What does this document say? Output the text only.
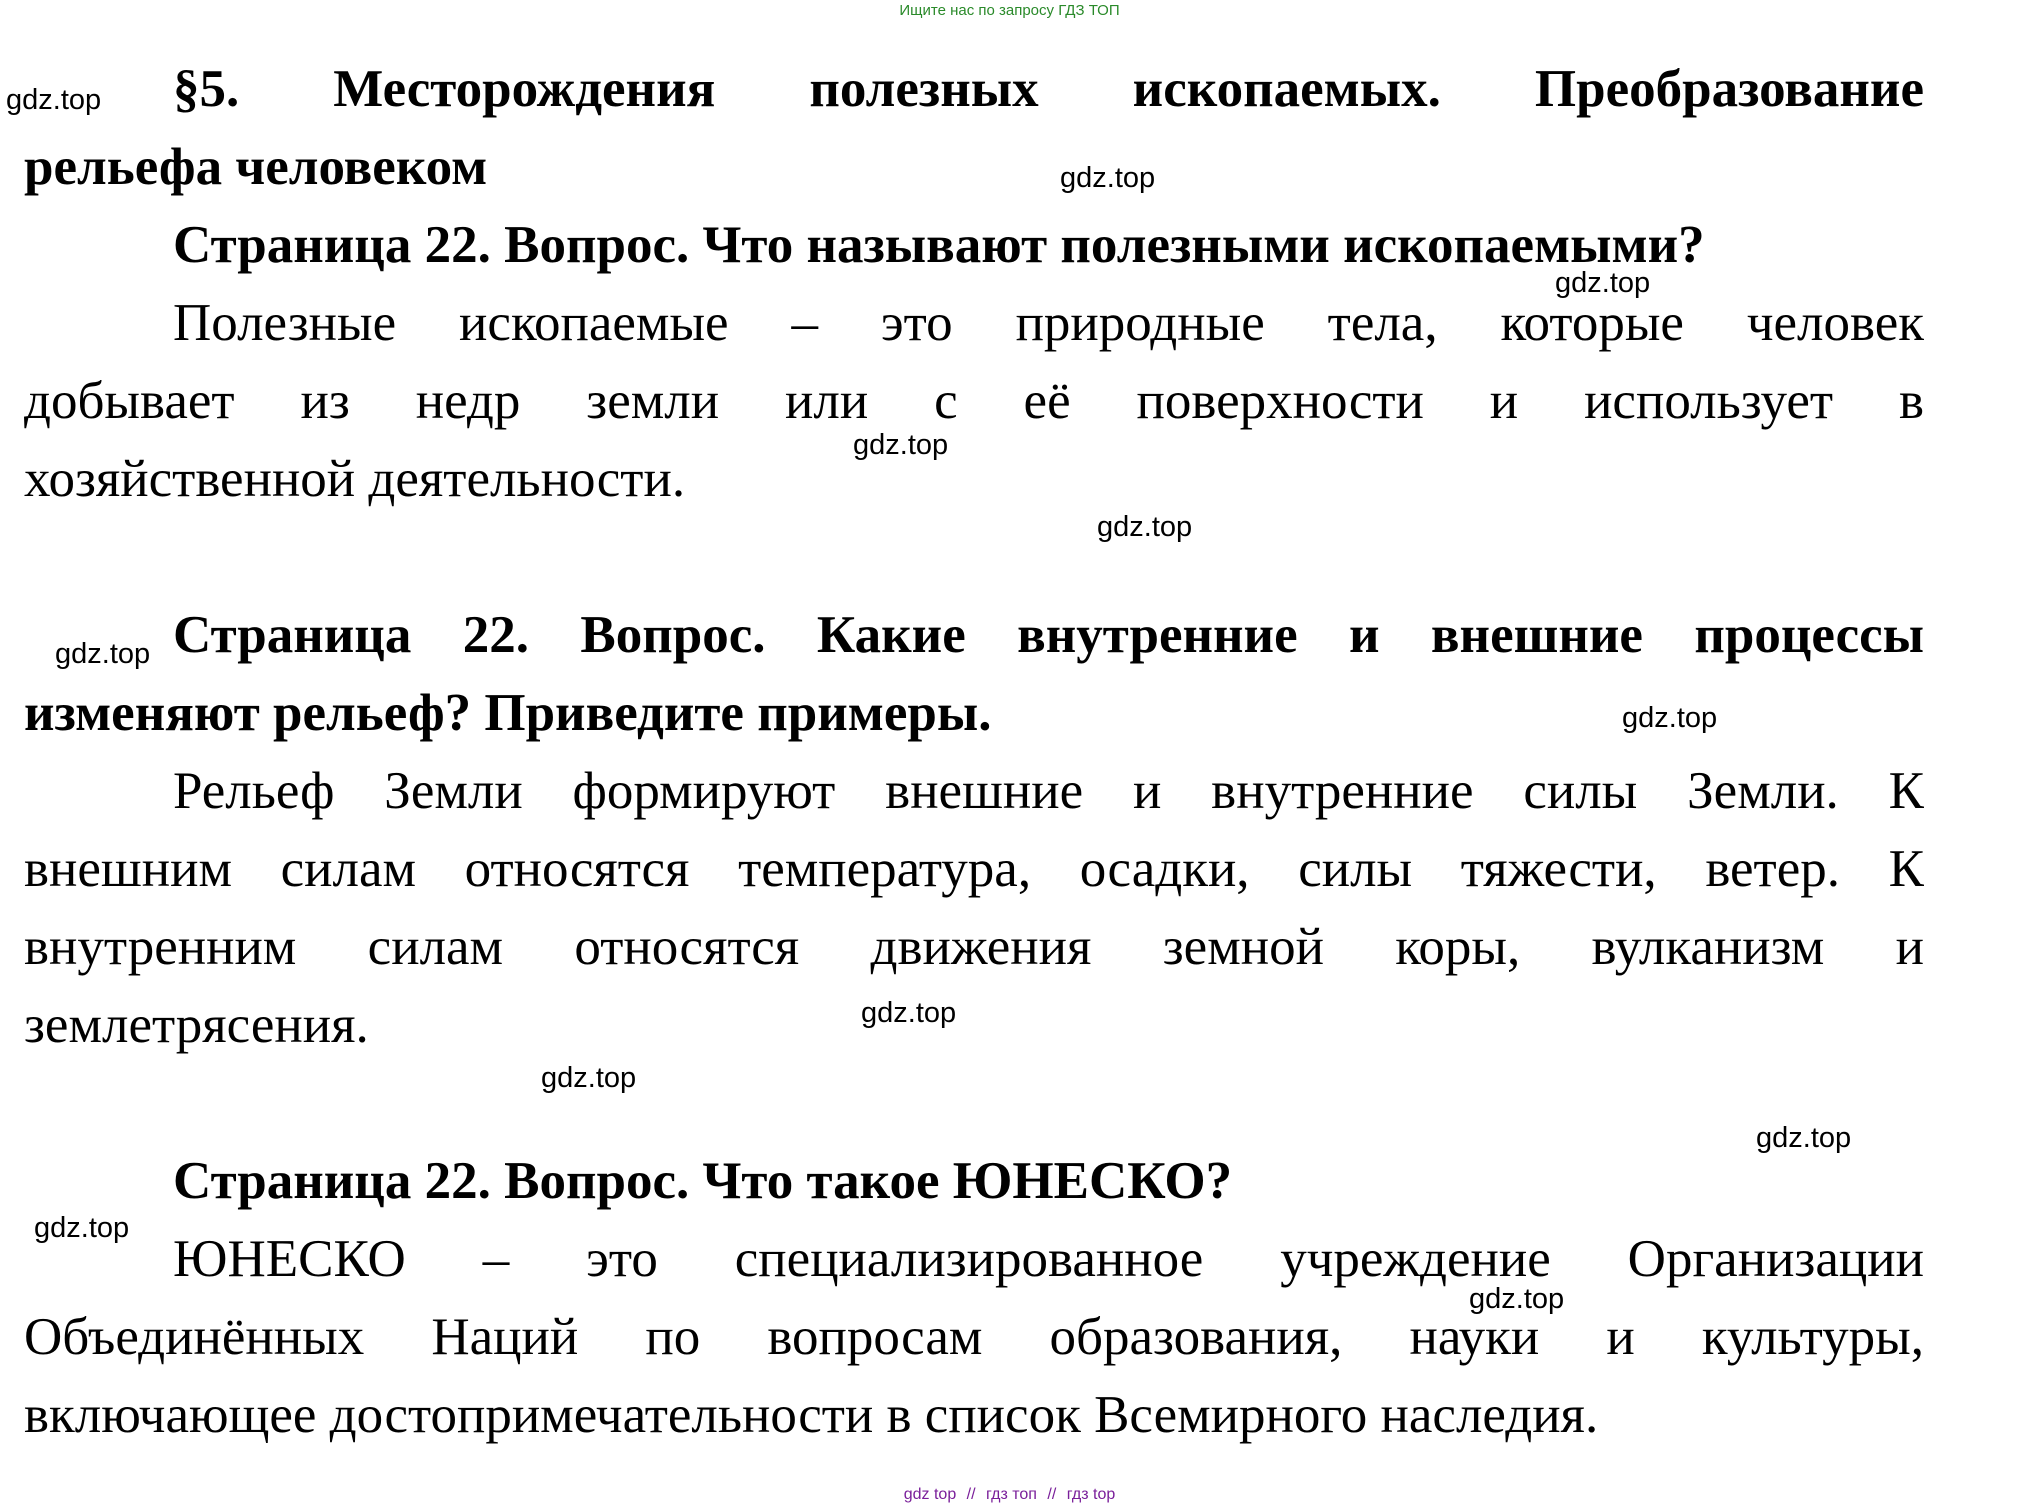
Ищите нас по запросу ГДЗ ТОП
§5. Месторождения полезных ископаемых. Преобразование
рельефа человеком
Страница 22. Вопрос. Что называют полезными ископаемыми?
Полезные ископаемые – это природные тела, которые человек
добывает из недр земли или с её поверхности и использует в
хозяйственной деятельности.
Страница 22. Вопрос. Какие внутренние и внешние процессы
изменяют рельеф? Приведите примеры.
Рельеф Земли формируют внешние и внутренние силы Земли. К
внешним силам относятся температура, осадки, силы тяжести, ветер. К
внутренним силам относятся движения земной коры, вулканизм и
землетрясения.
Страница 22. Вопрос. Что такое ЮНЕСКО?
ЮНЕСКО – это специализированное учреждение Организации
Объединённых Наций по вопросам образования, науки и культуры,
включающее достопримечательности в список Всемирного наследия.
gdz.top
gdz.top
gdz.top
gdz.top
gdz.top
gdz.top
gdz.top
gdz.top
gdz.top
gdz.top
gdz.top
gdz.top
gdz top // гдз топ // гдз top
